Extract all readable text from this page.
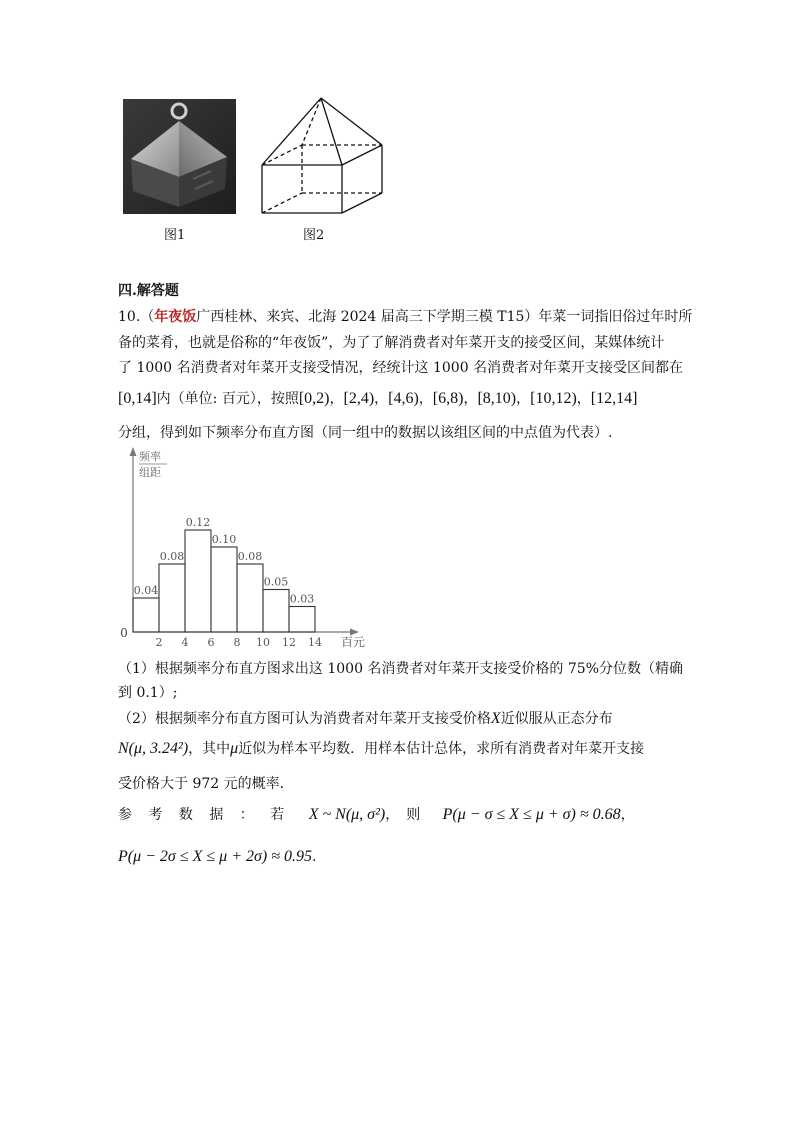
图1	图2
四.解答题
10.（年夜饭广西桂林、来宾、北海 2024 届高三下学期三模 T15）年菜一词指旧俗过年时所
备的菜肴，也就是俗称的“年夜饭”，为了了解消费者对年菜开支的接受区间，某媒体统计
了 1000 名消费者对年菜开支接受情况，经统计这 1000 名消费者对年菜开支接受区间都在
[0,14]内（单位: 百元），按照[0,2)，[2,4)，[4,6)，[6,8)，[8,10)，[10,12)，[12,14]
分组，得到如下频率分布直方图（同一组中的数据以该组区间的中点值为代表）.
频率
组距
0.04
0.08
0.12
0.10
0.08
0.05
0.03
0
2 4 6 8 10 12 14 百元
（1）根据频率分布直方图求出这 1000 名消费者对年菜开支接受价格的 75%分位数（精确
到 0.1）;
（2）根据频率分布直方图可认为消费者对年菜开支接受价格X近似服从正态分布
N(μ, 3.24²)，其中μ近似为样本平均数．用样本估计总体，求所有消费者对年菜开支接
受价格大于 972 元的概率．
参 考 数 据 ： 若 X ~ N(μ, σ²)，　则 P(μ − σ ≤ X ≤ μ + σ) ≈ 0.68，
P(μ − 2σ ≤ X ≤ μ + 2σ) ≈ 0.95.
